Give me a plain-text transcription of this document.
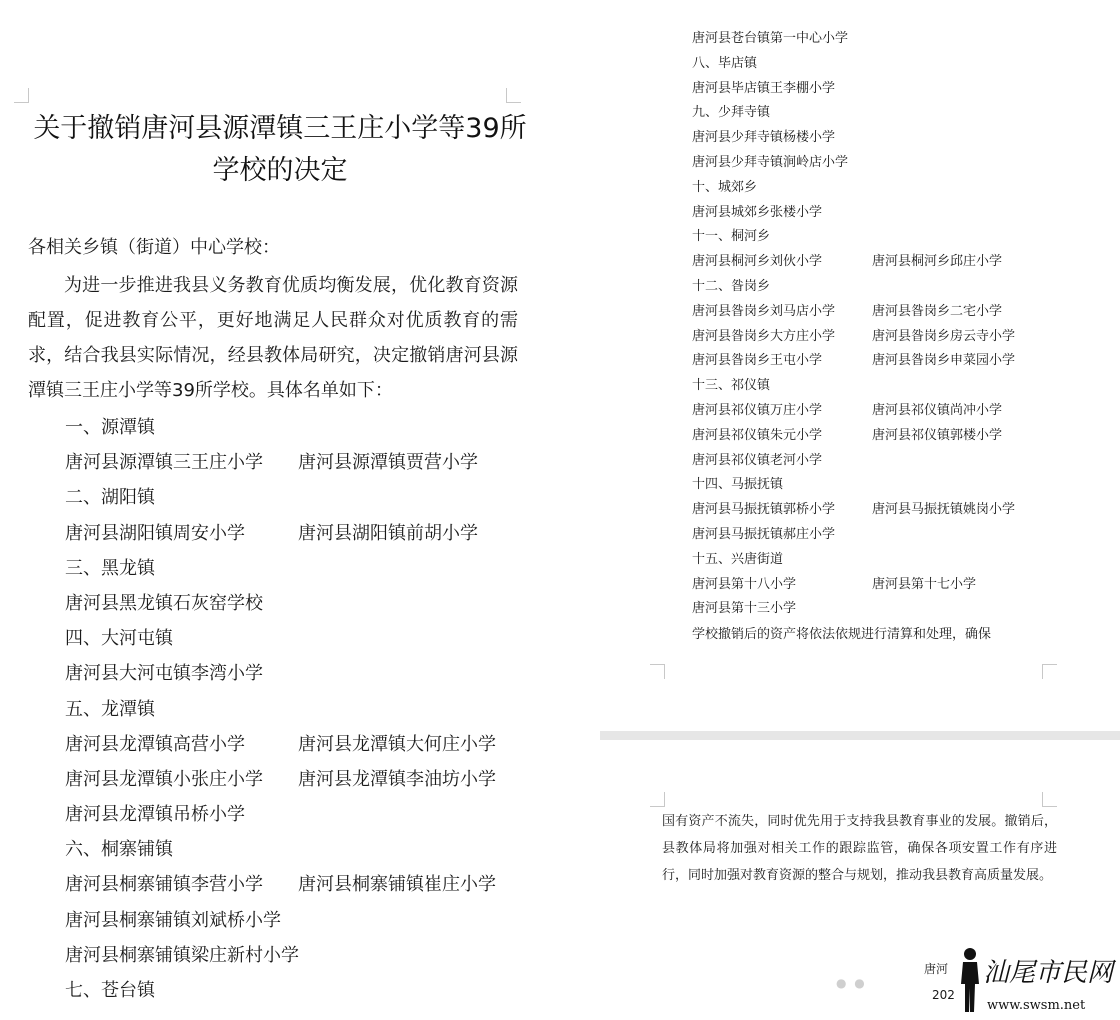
关于撤销唐河县源潭镇三王庄小学等39所
学校的决定
各相关乡镇（街道）中心学校：
为进一步推进我县义务教育优质均衡发展，优化教育资源配置，促进教育公平，更好地满足人民群众对优质教育的需求，结合我县实际情况，经县教体局研究，决定撤销唐河县源潭镇三王庄小学等39所学校。具体名单如下：
一、源潭镇
唐河县源潭镇三王庄小学	唐河县源潭镇贾营小学
二、湖阳镇
唐河县湖阳镇周安小学	唐河县湖阳镇前胡小学
三、黑龙镇
唐河县黑龙镇石灰窑学校
四、大河屯镇
唐河县大河屯镇李湾小学
五、龙潭镇
唐河县龙潭镇高营小学	唐河县龙潭镇大何庄小学
唐河县龙潭镇小张庄小学	唐河县龙潭镇李油坊小学
唐河县龙潭镇吊桥小学
六、桐寨铺镇
唐河县桐寨铺镇李营小学	唐河县桐寨铺镇崔庄小学
唐河县桐寨铺镇刘斌桥小学
唐河县桐寨铺镇梁庄新村小学
七、苍台镇
唐河县苍台镇第一中心小学
八、毕店镇
唐河县毕店镇王李棚小学
九、少拜寺镇
唐河县少拜寺镇杨楼小学
唐河县少拜寺镇涧岭店小学
十、城郊乡
唐河县城郊乡张楼小学
十一、桐河乡
唐河县桐河乡刘伙小学	唐河县桐河乡邱庄小学
十二、昝岗乡
唐河县昝岗乡刘马店小学	唐河县昝岗乡二宅小学
唐河县昝岗乡大方庄小学	唐河县昝岗乡房云寺小学
唐河县昝岗乡王屯小学	唐河县昝岗乡申菜园小学
十三、祁仪镇
唐河县祁仪镇万庄小学	唐河县祁仪镇尚冲小学
唐河县祁仪镇朱元小学	唐河县祁仪镇郭楼小学
唐河县祁仪镇老河小学
十四、马振抚镇
唐河县马振抚镇郭桥小学	唐河县马振抚镇姚岗小学
唐河县马振抚镇郝庄小学
十五、兴唐街道
唐河县第十八小学	唐河县第十七小学
唐河县第十三小学
学校撤销后的资产将依法依规进行清算和处理，确保
国有资产不流失，同时优先用于支持我县教育事业的发展。撤销后，县教体局将加强对相关工作的跟踪监管，确保各项安置工作有序进行，同时加强对教育资源的整合与规划，推动我县教育高质量发展。
● ●
唐河
202
汕尾市民网
www.swsm.net
